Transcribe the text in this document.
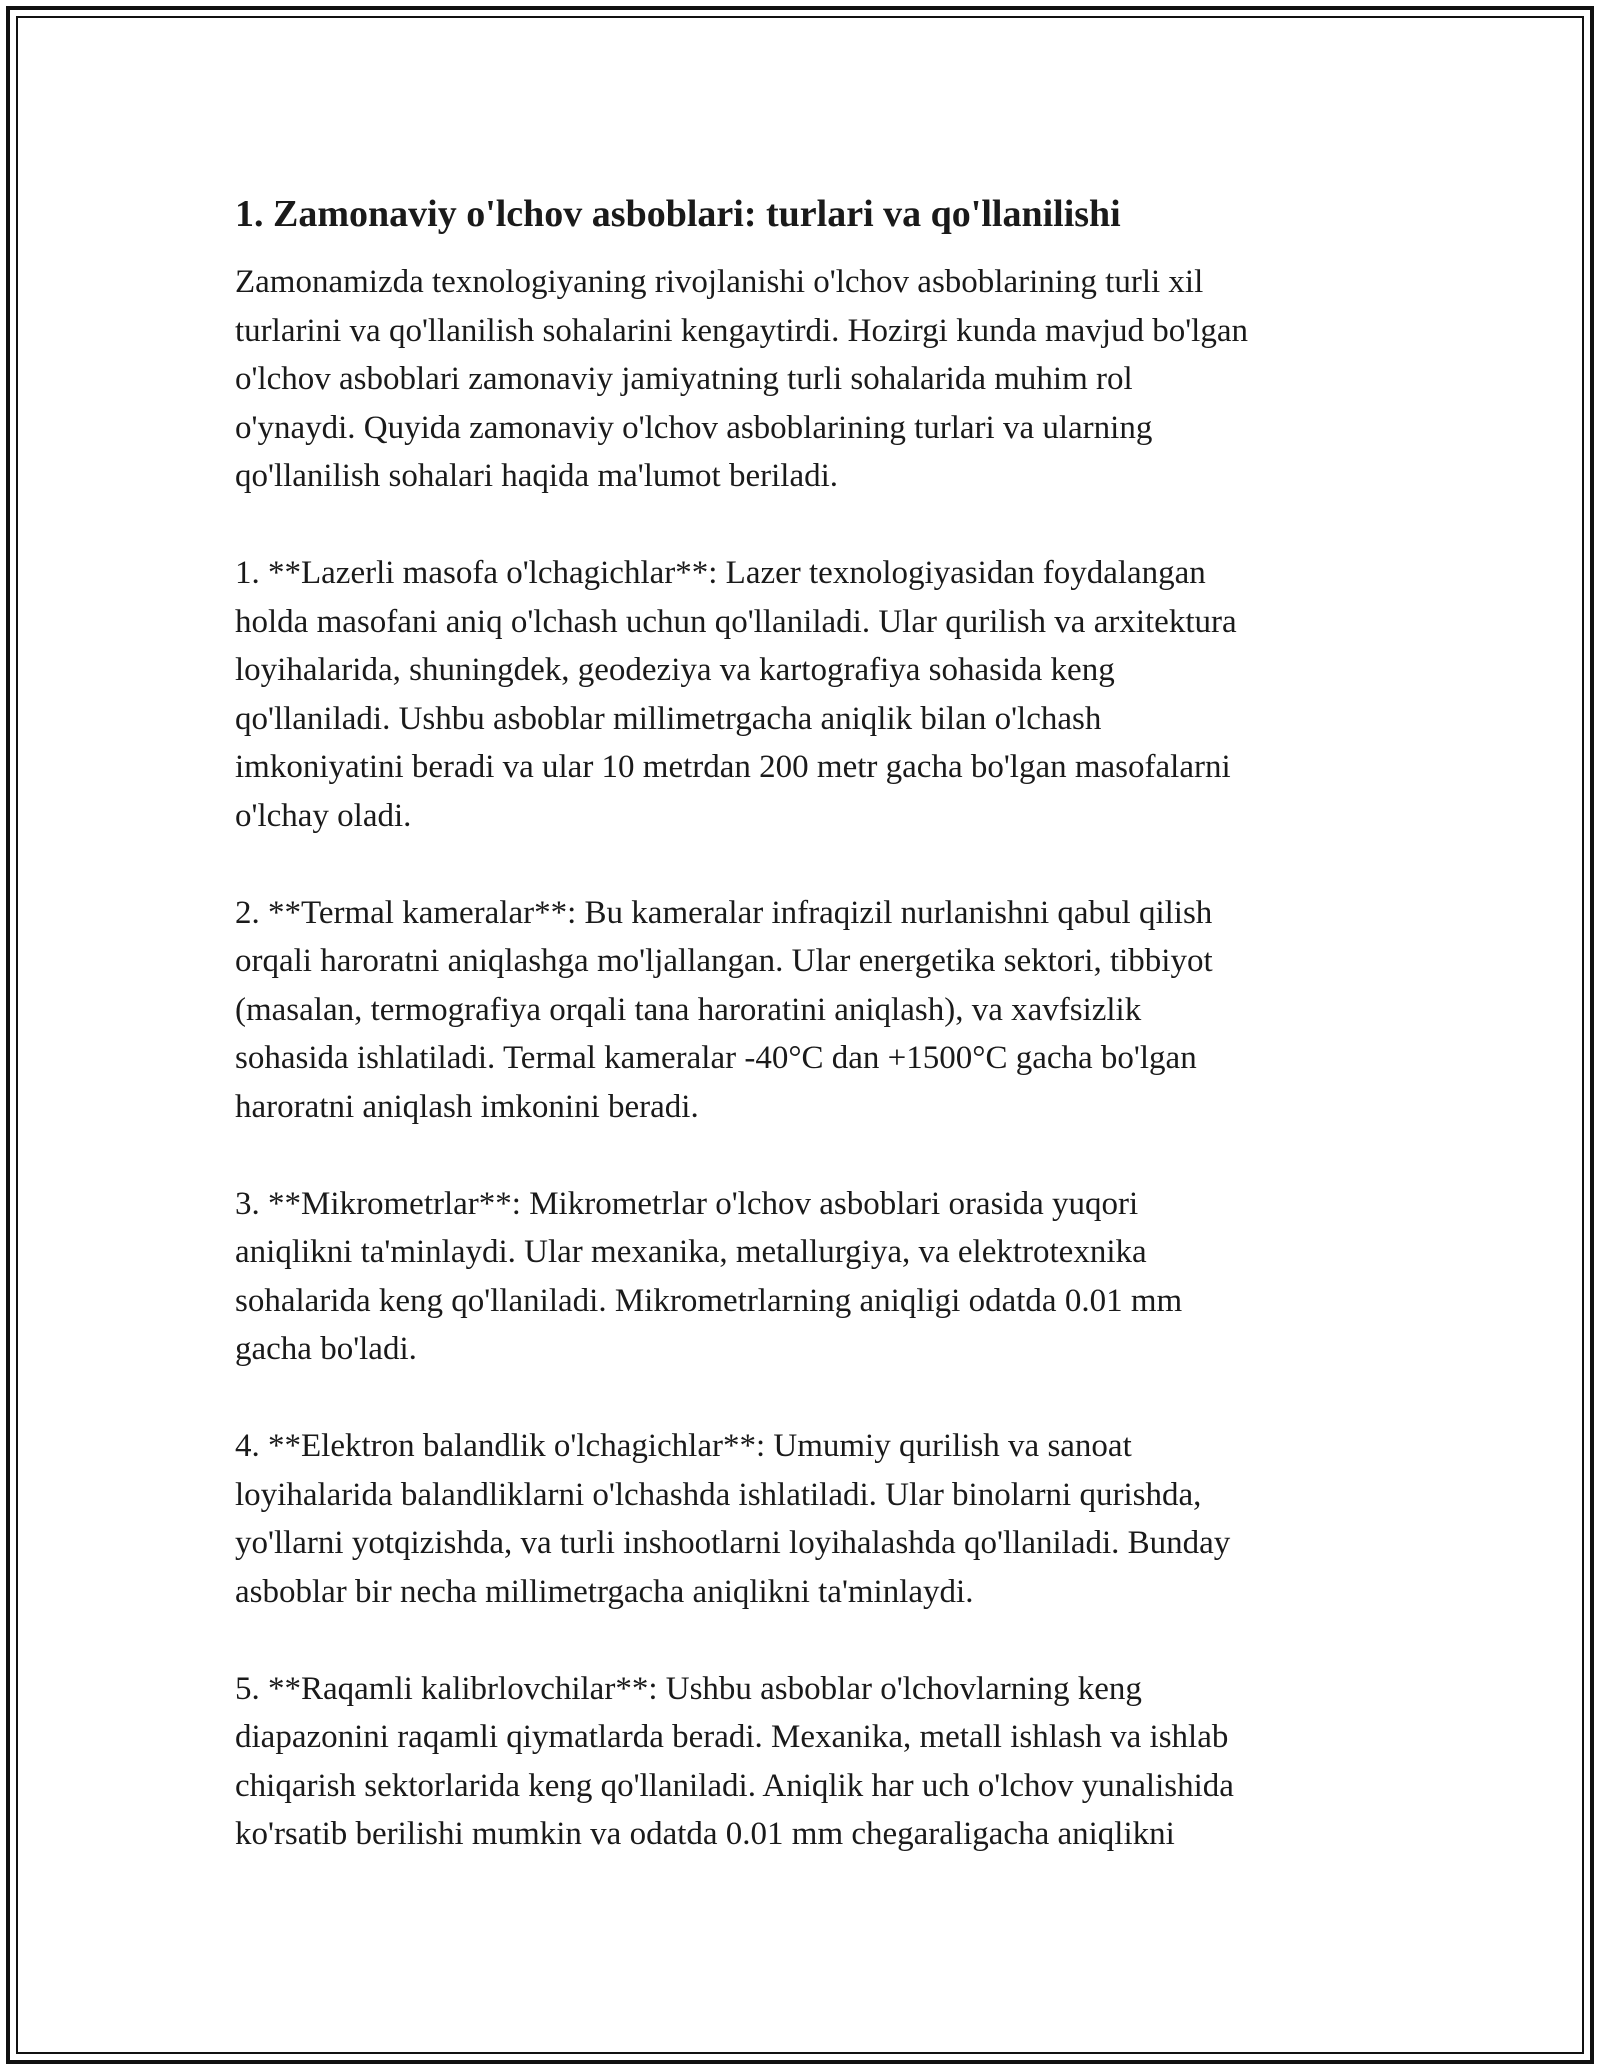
1. Zamonaviy o'lchov asboblari: turlari va qo'llanilishi

Zamonamizda texnologiyaning rivojlanishi o'lchov asboblarining turli xil
turlarini va qo'llanilish sohalarini kengaytirdi. Hozirgi kunda mavjud bo'lgan
o'lchov asboblari zamonaviy jamiyatning turli sohalarida muhim rol
o'ynaydi. Quyida zamonaviy o'lchov asboblarining turlari va ularning
qo'llanilish sohalari haqida ma'lumot beriladi.

1. **Lazerli masofa o'lchagichlar**: Lazer texnologiyasidan foydalangan
holda masofani aniq o'lchash uchun qo'llaniladi. Ular qurilish va arxitektura
loyihalarida, shuningdek, geodeziya va kartografiya sohasida keng
qo'llaniladi. Ushbu asboblar millimetrgacha aniqlik bilan o'lchash
imkoniyatini beradi va ular 10 metrdan 200 metr gacha bo'lgan masofalarni
o'lchay oladi.

2. **Termal kameralar**: Bu kameralar infraqizil nurlanishni qabul qilish
orqali haroratni aniqlashga mo'ljallangan. Ular energetika sektori, tibbiyot
(masalan, termografiya orqali tana haroratini aniqlash), va xavfsizlik
sohasida ishlatiladi. Termal kameralar -40°C dan +1500°C gacha bo'lgan
haroratni aniqlash imkonini beradi.

3. **Mikrometrlar**: Mikrometrlar o'lchov asboblari orasida yuqori
aniqlikni ta'minlaydi. Ular mexanika, metallurgiya, va elektrotexnika
sohalarida keng qo'llaniladi. Mikrometrlarning aniqligi odatda 0.01 mm
gacha bo'ladi.

4. **Elektron balandlik o'lchagichlar**: Umumiy qurilish va sanoat
loyihalarida balandliklarni o'lchashda ishlatiladi. Ular binolarni qurishda,
yo'llarni yotqizishda, va turli inshootlarni loyihalashda qo'llaniladi. Bunday
asboblar bir necha millimetrgacha aniqlikni ta'minlaydi.

5. **Raqamli kalibrlovchilar**: Ushbu asboblar o'lchovlarning keng
diapazonini raqamli qiymatlarda beradi. Mexanika, metall ishlash va ishlab
chiqarish sektorlarida keng qo'llaniladi. Aniqlik har uch o'lchov yunalishida
ko'rsatib berilishi mumkin va odatda 0.01 mm chegaraligacha aniqlikni
